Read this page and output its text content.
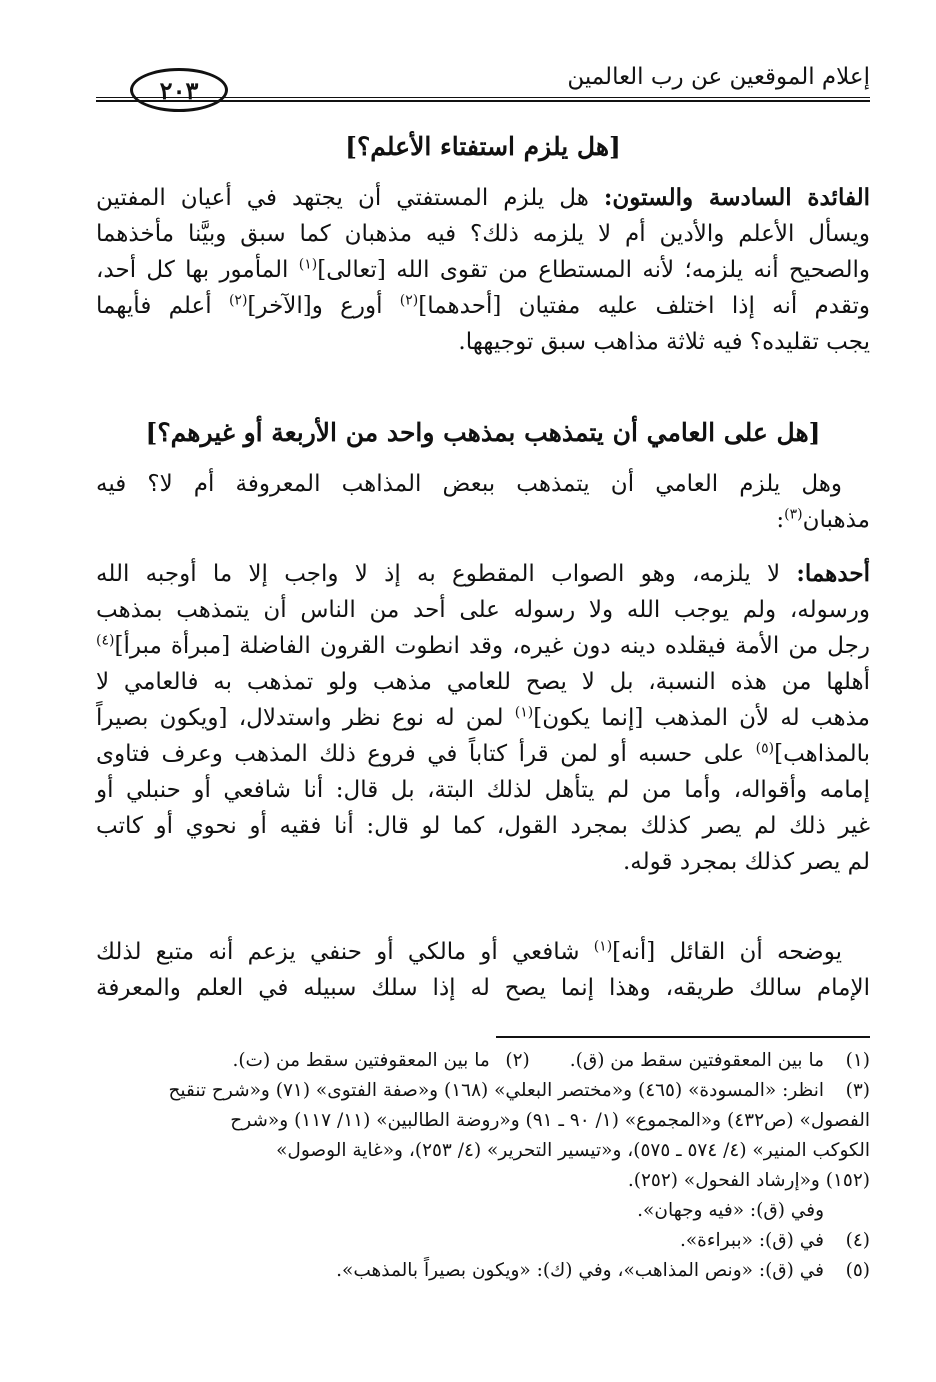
إعلام الموقعين عن رب العالمين
٢٠٣
[هل يلزم استفتاء الأعلم؟]
الفائدة السادسة والستون: هل يلزم المستفتي أن يجتهد في أعيان المفتين
ويسأل الأعلم والأدين أم لا يلزمه ذلك؟ فيه مذهبان كما سبق وبيَّنا مأخذهما
والصحيح أنه يلزمه؛ لأنه المستطاع من تقوى الله [تعالى]$^{(١)}$ المأمور بها كل أحد،
وتقدم أنه إذا اختلف عليه مفتيان [أحدهما]$^{(٢)}$ أورع و[الآخر]$^{(٢)}$ أعلم فأيهما
يجب تقليده؟ فيه ثلاثة مذاهب سبق توجيهها.
[هل على العامي أن يتمذهب بمذهب واحد من الأربعة أو غيرهم؟]
وهل يلزم العامي أن يتمذهب ببعض المذاهب المعروفة أم لا؟ فيه
مذهبان$^{(٣)}$:
أحدهما: لا يلزمه، وهو الصواب المقطوع به إذ لا واجب إلا ما أوجبه الله
ورسوله، ولم يوجب الله ولا رسوله على أحد من الناس أن يتمذهب بمذهب
رجل من الأمة فيقلده دينه دون غيره، وقد انطوت القرون الفاضلة [مبرأة مبرأ]$^{(٤)}$
أهلها من هذه النسبة، بل لا يصح للعامي مذهب ولو تمذهب به فالعامي لا
مذهب له لأن المذهب [إنما يكون]$^{(١)}$ لمن له نوع نظر واستدلال، [ويكون بصيراً
بالمذاهب]$^{(٥)}$ على حسبه أو لمن قرأ كتاباً في فروع ذلك المذهب وعرف فتاوى
إمامه وأقواله، وأما من لم يتأهل لذلك البتة، بل قال: أنا شافعي أو حنبلي أو
غير ذلك لم يصر كذلك بمجرد القول، كما لو قال: أنا فقيه أو نحوي أو كاتب
لم يصر كذلك بمجرد قوله.
يوضحه أن القائل [أنه]$^{(١)}$ شافعي أو مالكي أو حنفي يزعم أنه متبع لذلك
الإمام سالك طريقه، وهذا إنما يصح له إذا سلك سبيله في العلم والمعرفة
(١)
ما بين المعقوفتين سقط من (ق).
(٢)
ما بين المعقوفتين سقط من (ت).
(٣)
انظر: «المسودة» (٤٦٥) و«مختصر البعلي» (١٦٨) و«صفة الفتوى» (٧١) و«شرح تنقيح
الفصول» (ص٤٣٢) و«المجموع» (١/ ٩٠ ـ ٩١) و«روضة الطالبين» (١١/ ١١٧) و«شرح
الكوكب المنير» (٤/ ٥٧٤ ـ ٥٧٥)، و«تيسير التحرير» (٤/ ٢٥٣)، و«غاية الوصول»
(١٥٢) و«إرشاد الفحول» (٢٥٢).
وفي (ق): «فيه وجهان».
(٤)
في (ق): «ببراءة».
(٥)
في (ق): «ونص المذاهب»، وفي (ك): «ويكون بصيراً بالمذهب».
